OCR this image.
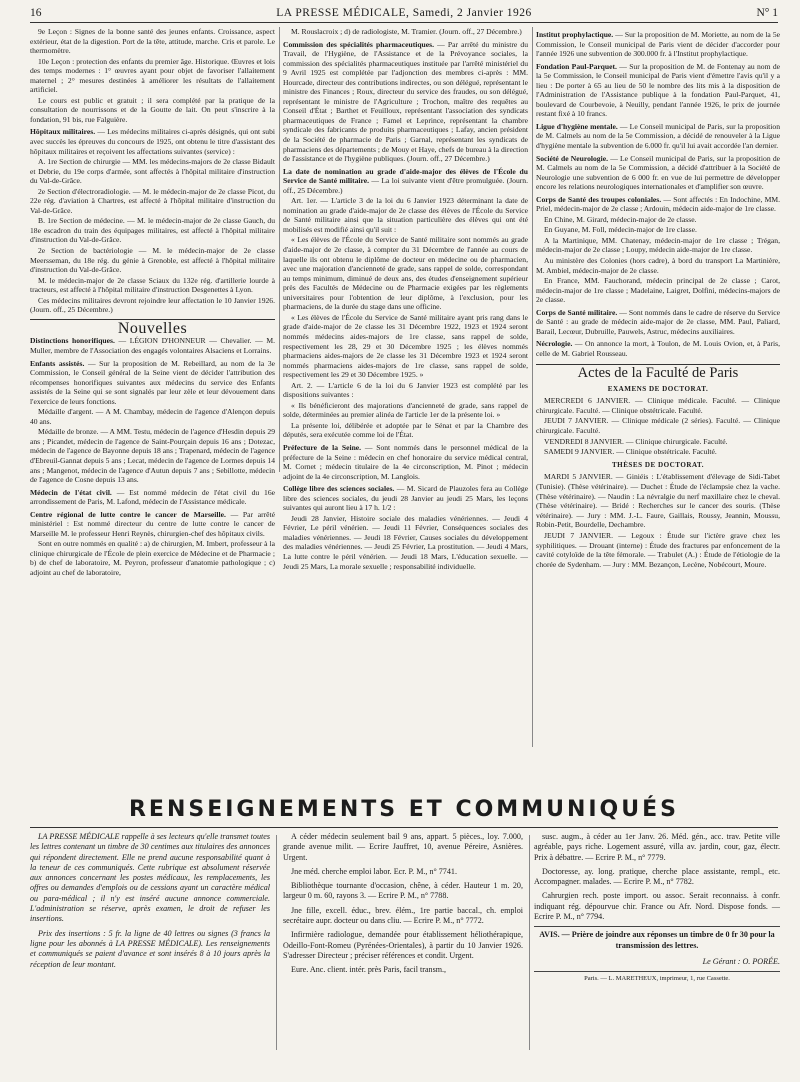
16	LA PRESSE MÉDICALE, Samedi, 2 Janvier 1926	N° 1

9e Leçon : Signes de la bonne santé des jeunes enfants. Croissance, aspect extérieur, état de la digestion. Port de la tête, attitude, marche. Cris et parole. Le thermomètre.

10e Leçon : protection des enfants du premier âge. Historique. Œuvres et lois des temps modernes : 1° œuvres ayant pour objet de favoriser l'allaitement maternel ; 2° mesures destinées à améliorer les résultats de l'allaitement artificiel.

Le cours est public et gratuit ; il sera complété par la pratique de la consultation de nourrissons et de la Goutte de lait. On peut s'inscrire à la fondation, 91 bis, rue Falguière.

Hôpitaux militaires. — Les médecins militaires ci-après désignés, qui ont subi avec succès les épreuves du concours de 1925, ont obtenu le titre d'assistant des hôpitaux militaires et reçoivent les affectations suivantes (service) :

A. 1re Section de chirurgie — MM. les médecins-majors de 2e classe Bidault et Debrie, du 19e corps d'armée, sont affectés à l'hôpital militaire d'instruction du Val-de-Grâce.

2e Section d'électroradiologie. — M. le médecin-major de 2e classe Picot, du 22e rég. d'aviation à Chartres, est affecté à l'hôpital militaire d'instruction du Val-de-Grâce.

B. 1re Section de médecine. — M. le médecin-major de 2e classe Gauch, du 18e escadron du train des équipages militaires, est affecté à l'hôpital militaire d'instruction du Val-de-Grâce.

2e Section de bactériologie — M. le médecin-major de 2e classe Meersseman, du 18e rég. du génie à Grenoble, est affecté à l'hôpital militaire d'instruction du Val-de-Grâce.

M. le médecin-major de 2e classe Sciaux du 132e rég. d'artillerie lourde à tracteurs, est affecté à l'hôpital militaire d'instruction Desgenettes à Lyon.

Ces médecins militaires devront rejoindre leur affectation le 10 Janvier 1926. (Journ. off., 25 Décembre.)

Nouvelles

Distinctions honorifiques. — LÉGION D'HONNEUR — Chevalier. — M. Muller, membre de l'Association des engagés volontaires Alsaciens et Lorrains.

Enfants assistés. — Sur la proposition de M. Rebeillard, au nom de la 3e Commission, le Conseil général de la Seine vient de décider l'attribution des récompenses honorifiques suivantes aux médecins du service des Enfants assistés de la Seine qui se sont signalés par leur zèle et leur dévouement dans l'exercice de leurs fonctions.

Médaille d'argent. — A M. Chambay, médecin de l'agence d'Alençon depuis 40 ans.

Médaille de bronze. — A MM. Testu, médecin de l'agence d'Hesdin depuis 29 ans ; Picandet, médecin de l'agence de Saint-Pourçain depuis 16 ans ; Dotezac, médecin de l'agence de Bayonne depuis 18 ans ; Trapenard, médecin de l'agence d'Ebreuil-Gannat depuis 5 ans ; Lecat, médecin de l'agence de Lormes depuis 14 ans ; Mangenot, médecin de l'agence d'Autun depuis 7 ans ; Sebillotte, médecin de l'agence de Cosne depuis 13 ans.

Médecin de l'état civil. — Est nommé médecin de l'état civil du 16e arrondissement de Paris, M. Lafond, médecin de l'Assistance médicale.

Centre régional de lutte contre le cancer de Marseille. — Par arrêté ministériel : Est nommé directeur du centre de lutte contre le cancer de Marseille M. le professeur Henri Reynès, chirurgien-chef des hôpitaux civils.

Sont en outre nommés en qualité : a) de chirurgien, M. Imbert, professeur à la clinique chirurgicale de l'École de plein exercice de Médecine et de Pharmacie ; b) de chef de laboratoire, M. Peyron, professeur d'anatomie pathologique ; c) adjoint au chef de laboratoire,

M. Rouslacroix ; d) de radiologiste, M. Tramier. (Journ. off., 27 Décembre.)

Commission des spécialités pharmaceutiques. — Par arrêté du ministre du Travail, de l'Hygiène, de l'Assistance et de la Prévoyance sociales, la commission des spécialités pharmaceutiques instituée par l'arrêté ministériel du 9 Avril 1925 est complétée par l'adjonction des membres ci-après : MM. Hourcade, directeur des contributions indirectes, ou son délégué, représentant le ministre des Finances ; Roux, directeur du service des fraudes, ou son délégué, représentant le ministre de l'Agriculture ; Trochon, maître des requêtes au Conseil d'État ; Barthet et Feuilloux, représentant l'association des syndicats pharmaceutiques de France ; Famel et Leprince, représentant la chambre syndicale des fabricants de produits pharmaceutiques ; Lafay, ancien président de la Société de pharmacie de Paris ; Garnal, représentant les syndicats de pharmaciens des départements ; de Mouy et Haye, chefs de bureau à la direction de l'assistance et de l'hygiène publiques. (Journ. off., 27 Décembre.)

La date de nomination au grade d'aide-major des élèves de l'École du Service de Santé militaire. — La loi suivante vient d'être promulguée. (Journ. off., 25 Décembre.)

Art. 1er. — L'article 3 de la loi du 6 Janvier 1923 déterminant la date de nomination au grade d'aide-major de 2e classe des élèves de l'École du Service de Santé militaire ainsi que la situation particulière des élèves qui ont été mobilisés est modifié ainsi qu'il suit :

« Les élèves de l'École du Service de Santé militaire sont nommés au grade d'aide-major de 2e classe, à compter du 31 Décembre de l'année au cours de laquelle ils ont obtenu le diplôme de docteur en médecine ou de pharmacien, avec une majoration d'ancienneté de grade, sans rappel de solde, correspondant au temps minimum, diminué de deux ans, des études d'enseignement supérieur près des Facultés de Médecine ou de Pharmacie exigées par les règlements universitaires pour l'obtention de leur diplôme, à l'exclusion, pour les pharmaciens, de la durée du stage dans une officine.

« Les élèves de l'École du Service de Santé militaire ayant pris rang dans le grade d'aide-major de 2e classe les 31 Décembre 1922, 1923 et 1924 seront nommés médecins aides-majors de 1re classe, sans rappel de solde, respectivement les 28, 29 et 30 Décembre 1925 ; les élèves nommés pharmaciens aides-majors de 2e classe les 31 Décembre 1923 et 1924 seront nommés pharmaciens aides-majors de 1re classe, sans rappel de solde, respectivement les 29 et 30 Décembre 1925. »

Art. 2. — L'article 6 de la loi du 6 Janvier 1923 est complété par les dispositions suivantes :

« Ils bénéficieront des majorations d'ancienneté de grade, sans rappel de solde, déterminées au premier alinéa de l'article 1er de la présente loi. »

La présente loi, délibérée et adoptée par le Sénat et par la Chambre des députés, sera exécutée comme loi de l'État.

Préfecture de la Seine. — Sont nommés dans le personnel médical de la préfecture de la Seine : médecin en chef honoraire du service médical central, M. Cornet ; médecin titulaire de la 4e circonscription, M. Pinot ; médecin adjoint de la 4e circonscription, M. Langlois.

Collège libre des sciences sociales. — M. Sicard de Plauzoles fera au Collège libre des sciences sociales, du jeudi 28 Janvier au jeudi 25 Mars, les leçons suivantes qui auront lieu à 17 h. 1/2 :

Jeudi 28 Janvier, Histoire sociale des maladies vénériennes. — Jeudi 4 Février, Le péril vénérien. — Jeudi 11 Février, Conséquences sociales des maladies vénériennes. — Jeudi 18 Février, Causes sociales du développement des maladies vénériennes. — Jeudi 25 Février, La prostitution. — Jeudi 4 Mars, La lutte contre le péril vénérien. — Jeudi 18 Mars, L'éducation sexuelle. — Jeudi 25 Mars, La morale sexuelle ; responsabilité individuelle.

Institut prophylactique. — Sur la proposition de M. Moriette, au nom de la 5e Commission, le Conseil municipal de Paris vient de décider d'accorder pour l'année 1926 une subvention de 300.000 fr. à l'Institut prophylactique.

Fondation Paul-Parquet. — Sur la proposition de M. de Fontenay au nom de la 5e Commission, le Conseil municipal de Paris vient d'émettre l'avis qu'il y a lieu : De porter à 65 au lieu de 50 le nombre des lits mis à la disposition de l'Administration de l'Assistance publique à la fondation Paul-Parquet, 41, boulevard de Courbevoie, à Neuilly, pendant l'année 1926, le prix de journée restant fixé à 10 francs.

Ligue d'hygiène mentale. — Le Conseil municipal de Paris, sur la proposition de M. Calmels au nom de la 5e Commission, a décidé de renouveler à la Ligue d'hygiène mentale la subvention de 6.000 fr. qu'il lui avait accordée l'an dernier.

Société de Neurologie. — Le Conseil municipal de Paris, sur la proposition de M. Calmels au nom de la 5e Commission, a décidé d'attribuer à la Société de Neurologie une subvention de 6 000 fr. en vue de lui permettre de développer encore les relations neurologiques internationales et d'amplifier son œuvre.

Corps de Santé des troupes coloniales. — Sont affectés : En Indochine, MM. Priel, médecin-major de 2e classe ; Ardouin, médecin aide-major de 1re classe.

En Chine, M. Girard, médecin-major de 2e classe.

En Guyane, M. Foll, médecin-major de 1re classe.

A la Martinique, MM. Chatenay, médecin-major de 1re classe ; Trégan, médecin-major de 2e classe ; Loupy, médecin aide-major de 1re classe.

Au ministère des Colonies (hors cadre), à bord du transport La Martinière, M. Ambiel, médecin-major de 2e classe.

En France, MM. Fauchorand, médecin principal de 2e classe ; Carot, médecin-major de 1re classe ; Madelaine, Laigret, Dolfini, médecins-majors de 2e classe.

Corps de Santé militaire. — Sont nommés dans le cadre de réserve du Service de Santé : au grade de médecin aide-major de 2e classe, MM. Paul, Paliard, Barail, Lecœur, Dubruille, Pauwels, Astruc, médecins auxiliaires.

Nécrologie. — On annonce la mort, à Toulon, de M. Louis Ovion, et, à Paris, celle de M. Gabriel Rousseau.

Actes de la Faculté de Paris
EXAMENS DE DOCTORAT.

MERCREDI 6 JANVIER. — Clinique médicale. Faculté. — Clinique chirurgicale. Faculté. — Clinique obstétricale. Faculté.

JEUDI 7 JANVIER. — Clinique médicale (2 séries). Faculté. — Clinique chirurgicale. Faculté.

VENDREDI 8 JANVIER. — Clinique chirurgicale. Faculté.

SAMEDI 9 JANVIER. — Clinique obstétricale. Faculté.

THÈSES DE DOCTORAT.

MARDI 5 JANVIER. — Giniéis : L'établissement d'élevage de Sidi-Tabet (Tunisie). (Thèse vétérinaire). — Duchet : Étude de l'éclampsie chez la vache. (Thèse vétérinaire). — Naudin : La névralgie du nerf maxillaire chez le cheval. (Thèse vétérinaire). — Bridé : Recherches sur le cancer des souris. (Thèse vétérinaire). — Jury : MM. J.-L. Faure, Gaillais, Roussy, Jeannin, Moussu, Robin-Petit, Bourdelle, Dechambre.

JEUDI 7 JANVIER. — Legoux : Étude sur l'ictère grave chez les syphilitiques. — Drouant (interne) : Étude des fractures par enfoncement de la cavité cotyloïde de la tête fémorale. — Trabulet (A.) : Étude de l'étiologie de la chorée de Sydenham. — Jury : MM. Bezançon, Lecène, Nobécourt, Moure.

RENSEIGNEMENTS ET COMMUNIQUÉS

LA PRESSE MÉDICALE rappelle à ses lecteurs qu'elle transmet toutes les lettres contenant un timbre de 30 centimes aux titulaires des annonces qui répondent directement. Elle ne prend aucune responsabilité quant à la teneur de ces communiqués. Cette rubrique est absolument réservée aux annonces concernant les postes médicaux, les remplacements, les offres ou demandes d'emplois ou de cessions ayant un caractère médical ou para-médical ; il n'y est inséré aucune annonce commerciale. L'administration se réserve, après examen, le droit de refuser les insertions.

Prix des insertions : 5 fr. la ligne de 40 lettres ou signes (3 francs la ligne pour les abonnés à LA PRESSE MÉDICALE). Les renseignements et communiqués se paient d'avance et sont insérés 8 à 10 jours après la réception de leur montant.

A céder médecin seulement bail 9 ans, appart. 5 pièces., loy. 7.000, grande avenue milit. — Ecrire Jauffret, 10, avenue Péreire, Asnières. Urgent.

Jne méd. cherche emploi labor. Ecr. P. M., n° 7741.

Bibliothèque tournante d'occasion, chêne, à céder. Hauteur 1 m. 20, largeur 0 m. 60, rayons 3. — Ecrire P. M., n° 7788.

Jne fille, excell. éduc., brev. élém., 1re partie baccal., ch. emploi secrétaire aupr. docteur ou dans cliu. — Ecrire P. M., n° 7772.

Infirmière radiologue, demandée pour établissement héliothérapique, Odeillo-Font-Romeu (Pyrénées-Orientales), à partir du 10 Janvier 1926. S'adresser Directeur ; préciser références et condit. Urgent.

Eure. Anc. client. intér. près Paris, facil transm.,

susc. augm., à céder au 1er Janv. 26. Méd. gén., acc. trav. Petite ville agréable, pays riche. Logement assuré, villa av. jardin, cour, gaz, électr. Prix à débattre. — Ecrire P. M., n° 7779.

Doctoresse, ay. long. pratique, cherche place assistante, rempl., etc. Accompagner. malades. — Ecrire P. M., n° 7782.

Cahrurgien rech. poste import. ou assoc. Serait reconnaiss. à confr. indiquant rég. dépourvue chir. France ou Afr. Nord. Dispose fonds. — Ecrire P. M., n° 7794.

AVIS. — Prière de joindre aux réponses un timbre de 0 fr 30 pour la transmission des lettres.

Le Gérant : O. PORÉE.

Paris. — L. MARETHEUX, imprimeur, 1, rue Cassette.
